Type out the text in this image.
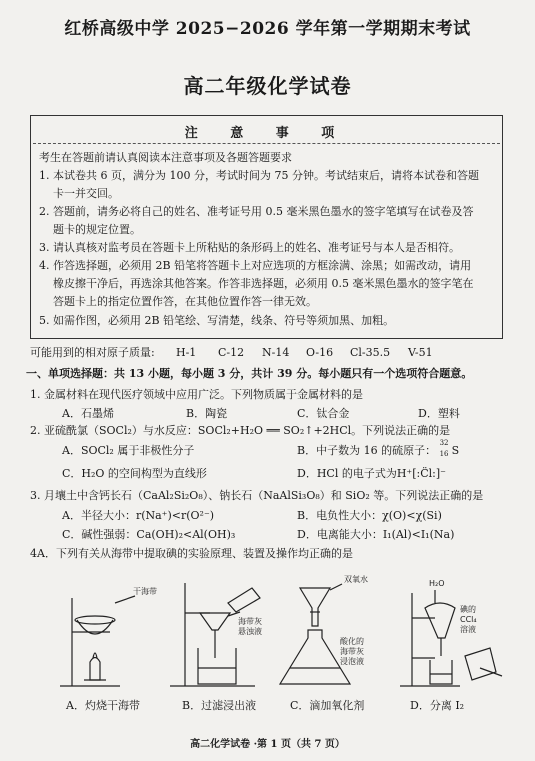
红桥高级中学 2025−2026 学年第一学期期末考试
高二年级化学试卷
注 意 事 项
考生在答题前请认真阅读本注意事项及各题答题要求
1. 本试卷共 6 页，满分为 100 分，考试时间为 75 分钟。考试结束后，请将本试卷和答题
卡一并交回。
2. 答题前，请务必将自己的姓名、准考证号用 0.5 毫米黑色墨水的签字笔填写在试卷及答
题卡的规定位置。
3. 请认真核对监考员在答题卡上所粘贴的条形码上的姓名、准考证号与本人是否相符。
4. 作答选择题，必须用 2B 铅笔将答题卡上对应选项的方框涂满、涂黑；如需改动，请用
橡皮擦干净后，再选涂其他答案。作答非选择题，必须用 0.5 毫米黑色墨水的签字笔在
答题卡上的指定位置作答，在其他位置作答一律无效。
5. 如需作图，必须用 2B 铅笔绘、写清楚，线条、符号等须加黑、加粗。
可能用到的相对原子质量: H-1 C-12 N-14 O-16 Cl-35.5 V-51
一、单项选择题：共 13 小题，每小题 3 分，共计 39 分。每小题只有一个选项符合题意。
1. 金属材料在现代医疗领域中应用广泛。下列物质属于金属材料的是
A．石墨烯	B．陶瓷	C．钛合金	D．塑料
2. 亚硫酰氯（SOCl₂）与水反应：SOCl₂+H₂O ══ SO₂↑+2HCl。下列说法正确的是
A．SOCl₂ 属于非极性分子	B．中子数为 16 的硫原子：
32
16 S
C．H₂O 的空间构型为直线形	D．HCl 的电子式为H⁺[:C̈l:]⁻
3. 月壤土中含钙长石（CaAl₂Si₂O₈）、钠长石（NaAlSi₃O₈）和 SiO₂ 等。下列说法正确的是
A．半径大小：r(Na⁺)<r(O²⁻)	B．电负性大小：χ(O)<χ(Si)
C．碱性强弱：Ca(OH)₂<Al(OH)₃	D．电离能大小：I₁(Al)<I₁(Na)
4A．下列有关从海带中提取碘的实验原理、装置及操作均正确的是
干海带
海带灰
悬浊液
双氧水
酸化的
海带灰
浸泡液
H₂O
碘的
CCl₄
溶液
A．灼烧干海带	B．过滤浸出液	C．滴加氧化剂	D．分离 I₂
高二化学试卷 ·第 1 页（共 7 页）
